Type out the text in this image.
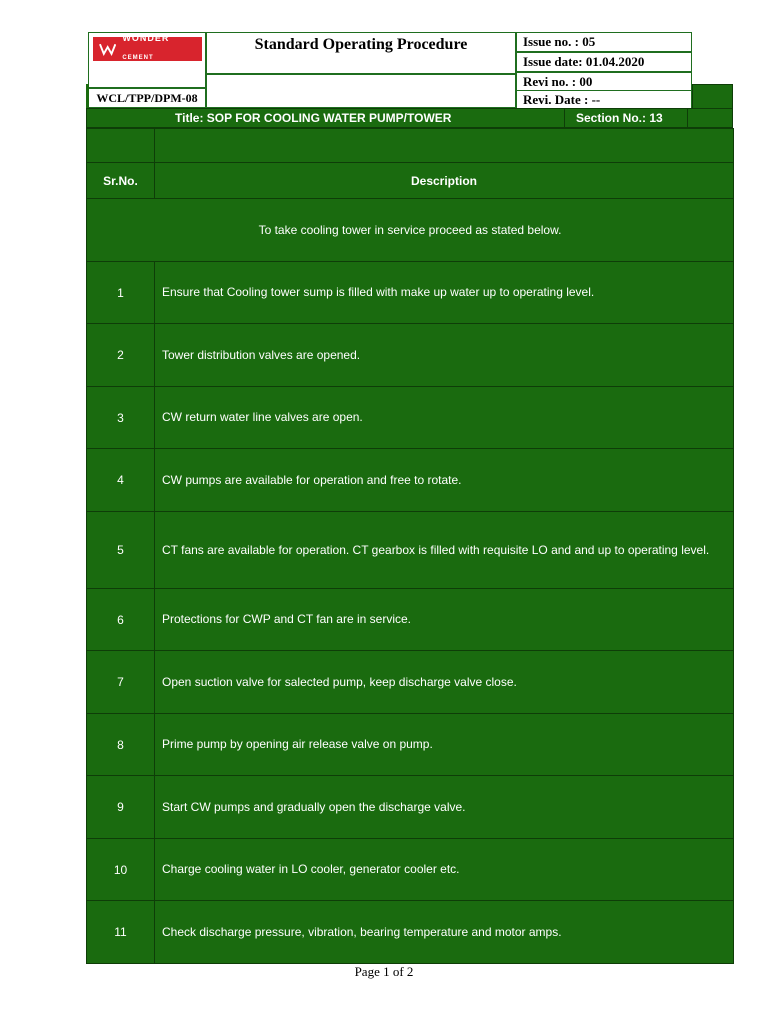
WONDER CEMENT
EK PERFECT SHURUAAT
WCL/TPP/DPM-08
Standard Operating Procedure	Issue no. : 05
Issue date: 01.04.2020
Revi no. : 00
Revi. Date : --
Title: SOP FOR COOLING WATER PUMP/TOWER	Section No.: 13

Sr.No.	Description
To take cooling tower in service proceed as stated below.	
1	Ensure that Cooling tower sump is filled with make up water up to operating level.
2	Tower distribution valves are opened.
3	CW return water line valves are open.
4	CW pumps are available for operation and free to rotate.
5	CT fans are available for operation. CT gearbox is filled with requisite LO and and up to operating level.
6	Protections for CWP and CT fan are in service.
7	Open suction valve for salected pump, keep discharge valve close.
8	Prime pump by opening air release valve on pump.
9	Start CW pumps and gradually open the discharge valve.
10	Charge cooling water in LO cooler, generator cooler etc.
11	Check discharge pressure, vibration, bearing temperature and motor amps.
Page 1 of 2
